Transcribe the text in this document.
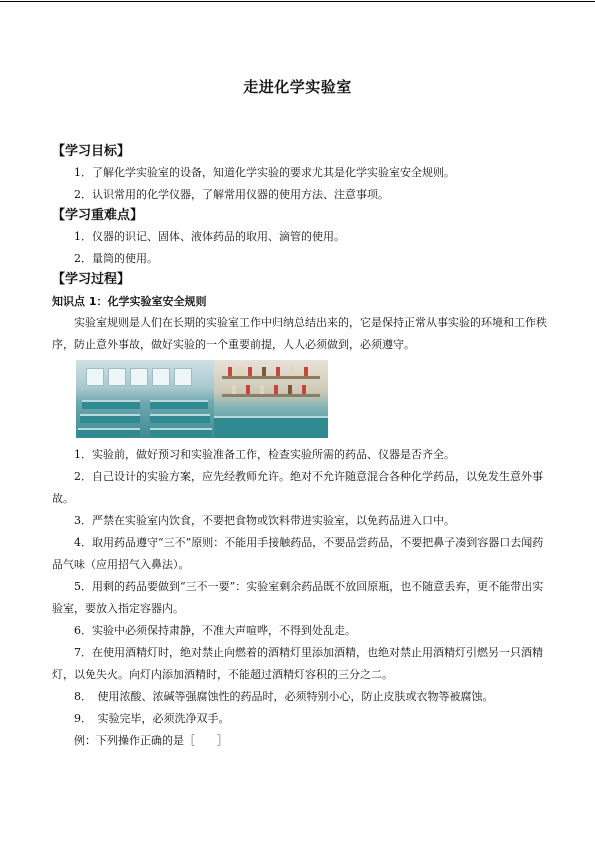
走进化学实验室

【学习目标】

1．了解化学实验室的设备，知道化学实验的要求尤其是化学实验室安全规则。

2．认识常用的化学仪器，了解常用仪器的使用方法、注意事项。

【学习重难点】

1．仪器的识记、固体、液体药品的取用、滴管的使用。

2．量筒的使用。

【学习过程】

知识点 1：化学实验室安全规则

实验室规则是人们在长期的实验室工作中归纳总结出来的，它是保持正常从事实验的环境和工作秩序，防止意外事故，做好实验的一个重要前提，人人必须做到，必须遵守。

1．实验前，做好预习和实验准备工作，检查实验所需的药品、仪器是否齐全。

2．自己设计的实验方案，应先经教师允许。绝对不允许随意混合各种化学药品，以免发生意外事故。

3．严禁在实验室内饮食，不要把食物或饮料带进实验室，以免药品进入口中。

4．取用药品遵守“三不”原则：不能用手接触药品，不要品尝药品，不要把鼻子凑到容器口去闻药品气味（应用招气入鼻法）。

5．用剩的药品要做到“三不一要”：实验室剩余药品既不放回原瓶，也不随意丢弃，更不能带出实验室，要放入指定容器内。

6．实验中必须保持肃静，不准大声喧哗，不得到处乱走。

7．在使用酒精灯时，绝对禁止向燃着的酒精灯里添加酒精，也绝对禁止用酒精灯引燃另一只酒精灯，以免失火。向灯内添加酒精时，不能超过酒精灯容积的三分之二。

8．　使用浓酸、浓碱等强腐蚀性的药品时，必须特别小心，防止皮肤或衣物等被腐蚀。

9．　实验完毕，必须洗净双手。

例：下列操作正确的是［　　］
